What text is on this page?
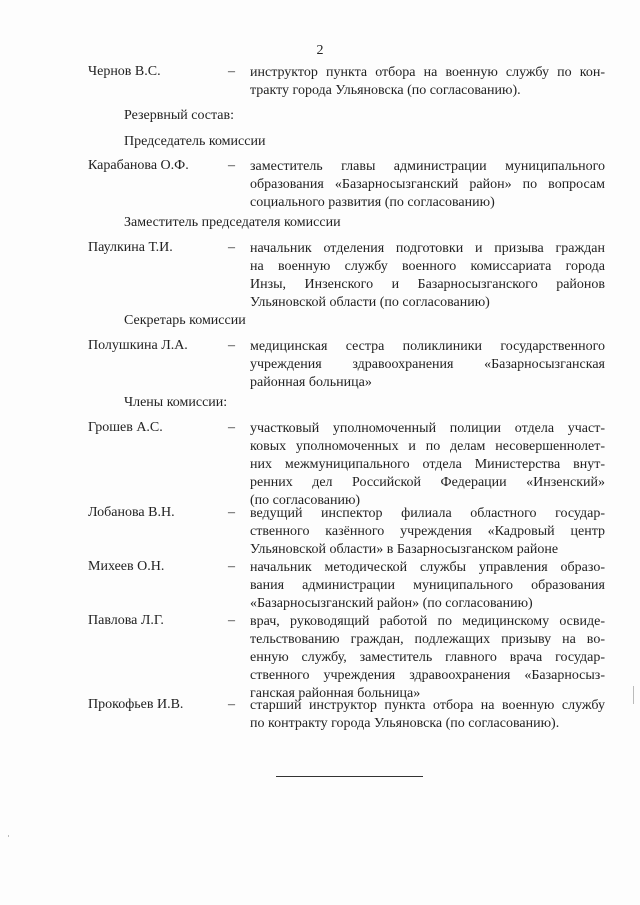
2
Чернов В.С.	– инструктор пункта отбора на военную службу по кон-
тракту города Ульяновска (по согласованию).
Резервный состав:
Председатель комиссии
Карабанова О.Ф.	– заместитель главы администрации муниципального
образования «Базарносызганский район» по вопросам
социального развития (по согласованию)
Заместитель председателя комиссии
Паулкина Т.И.	– начальник отделения подготовки и призыва граждан
на военную службу военного комиссариата города
Инзы, Инзенского и Базарносызганского районов
Ульяновской области (по согласованию)
Секретарь комиссии
Полушкина Л.А.	– медицинская сестра поликлиники государственного
учреждения здравоохранения «Базарносызганская
районная больница»
Члены комиссии:
Грошев А.С.	– участковый уполномоченный полиции отдела участ-
ковых уполномоченных и по делам несовершеннолет-
них межмуниципального отдела Министерства внут-
ренних дел Российской Федерации «Инзенский»
(по согласованию)
Лобанова В.Н.	– ведущий инспектор филиала областного государ-
ственного казённого учреждения «Кадровый центр
Ульяновской области» в Базарносызганском районе
Михеев О.Н.	– начальник методической службы управления образо-
вания администрации муниципального образования
«Базарносызганский район» (по согласованию)
Павлова Л.Г.	– врач, руководящий работой по медицинскому освиде-
тельствованию граждан, подлежащих призыву на во-
енную службу, заместитель главного врача государ-
ственного учреждения здравоохранения «Базарносыз-
ганская районная больница»
Прокофьев И.В.	– старший инструктор пункта отбора на военную службу
по контракту города Ульяновска (по согласованию).
